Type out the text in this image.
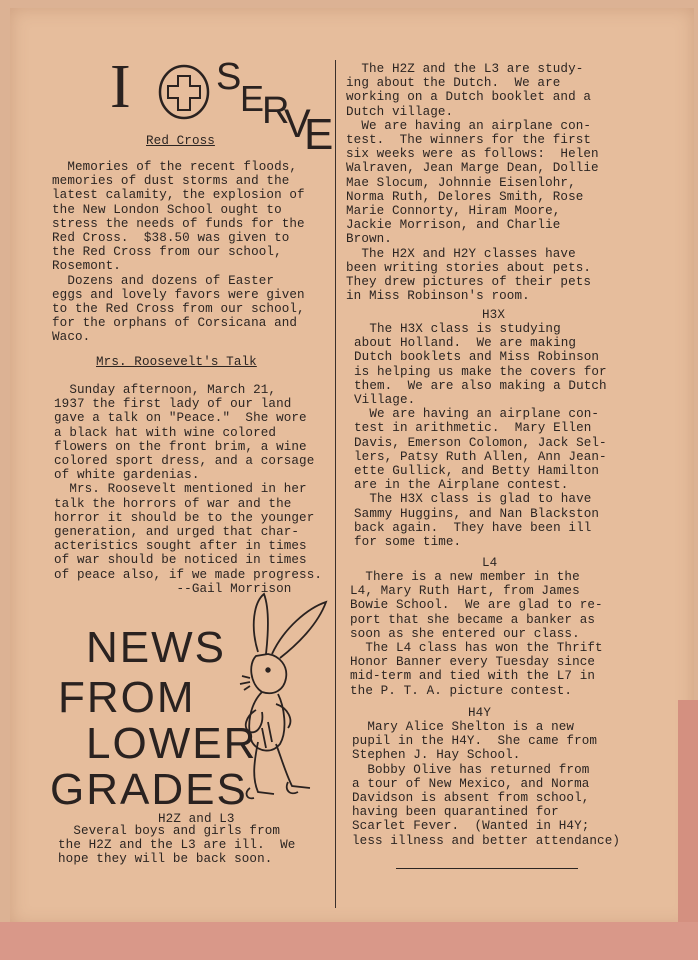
I S
E
R
V
E
Red Cross
Memories of the recent floods,
memories of dust storms and the
latest calamity, the explosion of
the New London School ought to
stress the needs of funds for the
Red Cross.  $38.50 was given to
the Red Cross from our school,
Rosemont.
Dozens and dozens of Easter
eggs and lovely favors were given
to the Red Cross from our school,
for the orphans of Corsicana and
Waco.
Mrs. Roosevelt's Talk
Sunday afternoon, March 21,
1937 the first lady of our land
gave a talk on "Peace."  She wore
a black hat with wine colored
flowers on the front brim, a wine
colored sport dress, and a corsage
of white gardenias.
Mrs. Roosevelt mentioned in her
talk the horrors of war and the
horror it should be to the younger
generation, and urged that char-
acteristics sought after in times
of war should be noticed in times
of peace also, if we made progress.
--Gail Morrison
NEWS
FROM
LOWER
GRADES
H2Z and L3
Several boys and girls from
the H2Z and the L3 are ill.  We
hope they will be back soon.
The H2Z and the L3 are study-
ing about the Dutch.  We are
working on a Dutch booklet and a
Dutch village.
We are having an airplane con-
test.  The winners for the first
six weeks were as follows:  Helen
Walraven, Jean Marge Dean, Dollie
Mae Slocum, Johnnie Eisenlohr,
Norma Ruth, Delores Smith, Rose
Marie Connorty, Hiram Moore,
Jackie Morrison, and Charlie
Brown.
The H2X and H2Y classes have
been writing stories about pets.
They drew pictures of their pets
in Miss Robinson's room.
H3X
The H3X class is studying
about Holland.  We are making
Dutch booklets and Miss Robinson
is helping us make the covers for
them.  We are also making a Dutch
Village.
We are having an airplane con-
test in arithmetic.  Mary Ellen
Davis, Emerson Colomon, Jack Sel-
lers, Patsy Ruth Allen, Ann Jean-
ette Gullick, and Betty Hamilton
are in the Airplane contest.
The H3X class is glad to have
Sammy Huggins, and Nan Blackston
back again.  They have been ill
for some time.
L4
There is a new member in the
L4, Mary Ruth Hart, from James
Bowie School.  We are glad to re-
port that she became a banker as
soon as she entered our class.
The L4 class has won the Thrift
Honor Banner every Tuesday since
mid-term and tied with the L7 in
the P. T. A. picture contest.
H4Y
Mary Alice Shelton is a new
pupil in the H4Y.  She came from
Stephen J. Hay School.
Bobby Olive has returned from
a tour of New Mexico, and Norma
Davidson is absent from school,
having been quarantined for
Scarlet Fever.  (Wanted in H4Y;
less illness and better attendance)
